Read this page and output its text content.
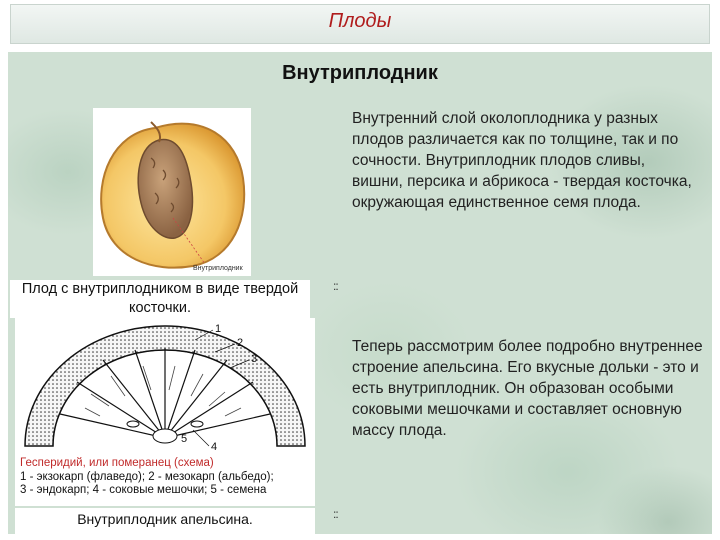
Плоды
Внутриплодник
Внутриплодник
Плод с внутриплодником в виде твердой косточки.
Внутренний слой околоплодника у разных плодов различается как по толщине, так и по сочности. Внутриплодник плодов сливы, вишни, персика и абрикоса - твердая косточка, окружающая единственное семя плода.
::
1
2
3
4
5
Гесперидий, или померанец (схема)
1 - экзокарп (флаведо); 2 - мезокарп (альбедо);
3 - эндокарп; 4 - соковые мешочки; 5 - семена
Внутриплодник апельсина.
Теперь рассмотрим более подробно внутреннее строение апельсина. Его вкусные дольки - это и есть внутриплодник. Он образован особыми соковыми мешочками и составляет основную массу плода.
::
